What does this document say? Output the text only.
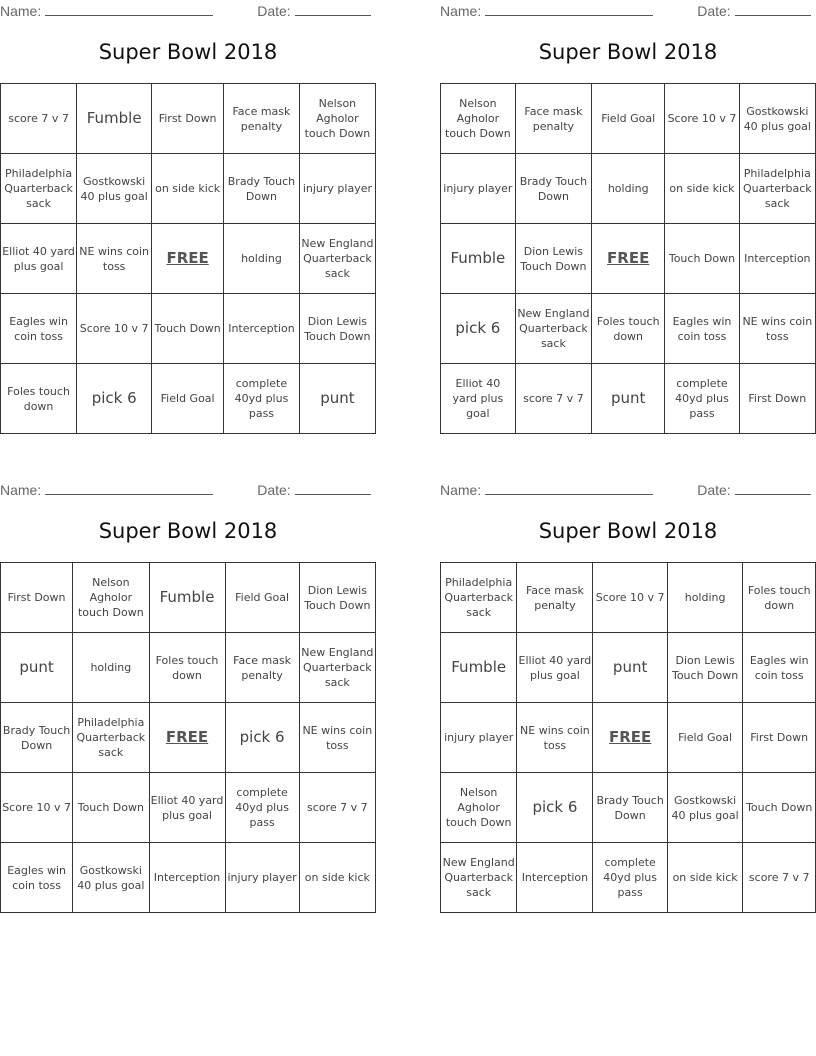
Name:	Date:
Super Bowl 2018
score 7 v 7	Fumble	First Down	Face mask penalty	Nelson Agholor touch Down
Philadelphia Quarterback sack	Gostkowski 40 plus goal	on side kick	Brady Touch Down	injury player
Elliot 40 yard plus goal	NE wins coin toss	FREE	holding	New England Quarterback sack
Eagles win coin toss	Score 10 v 7	Touch Down	Interception	Dion Lewis Touch Down
Foles touch down	pick 6	Field Goal	complete 40yd plus pass	punt
Name:	Date:
Super Bowl 2018
Nelson Agholor touch Down	Face mask penalty	Field Goal	Score 10 v 7	Gostkowski 40 plus goal
injury player	Brady Touch Down	holding	on side kick	Philadelphia Quarterback sack
Fumble	Dion Lewis Touch Down	FREE	Touch Down	Interception
pick 6	New England Quarterback sack	Foles touch down	Eagles win coin toss	NE wins coin toss
Elliot 40 yard plus goal	score 7 v 7	punt	complete 40yd plus pass	First Down
Name:	Date:
Super Bowl 2018
First Down	Nelson Agholor touch Down	Fumble	Field Goal	Dion Lewis Touch Down
punt	holding	Foles touch down	Face mask penalty	New England Quarterback sack
Brady Touch Down	Philadelphia Quarterback sack	FREE	pick 6	NE wins coin toss
Score 10 v 7	Touch Down	Elliot 40 yard plus goal	complete 40yd plus pass	score 7 v 7
Eagles win coin toss	Gostkowski 40 plus goal	Interception	injury player	on side kick
Name:	Date:
Super Bowl 2018
Philadelphia Quarterback sack	Face mask penalty	Score 10 v 7	holding	Foles touch down
Fumble	Elliot 40 yard plus goal	punt	Dion Lewis Touch Down	Eagles win coin toss
injury player	NE wins coin toss	FREE	Field Goal	First Down
Nelson Agholor touch Down	pick 6	Brady Touch Down	Gostkowski 40 plus goal	Touch Down
New England Quarterback sack	Interception	complete 40yd plus pass	on side kick	score 7 v 7
